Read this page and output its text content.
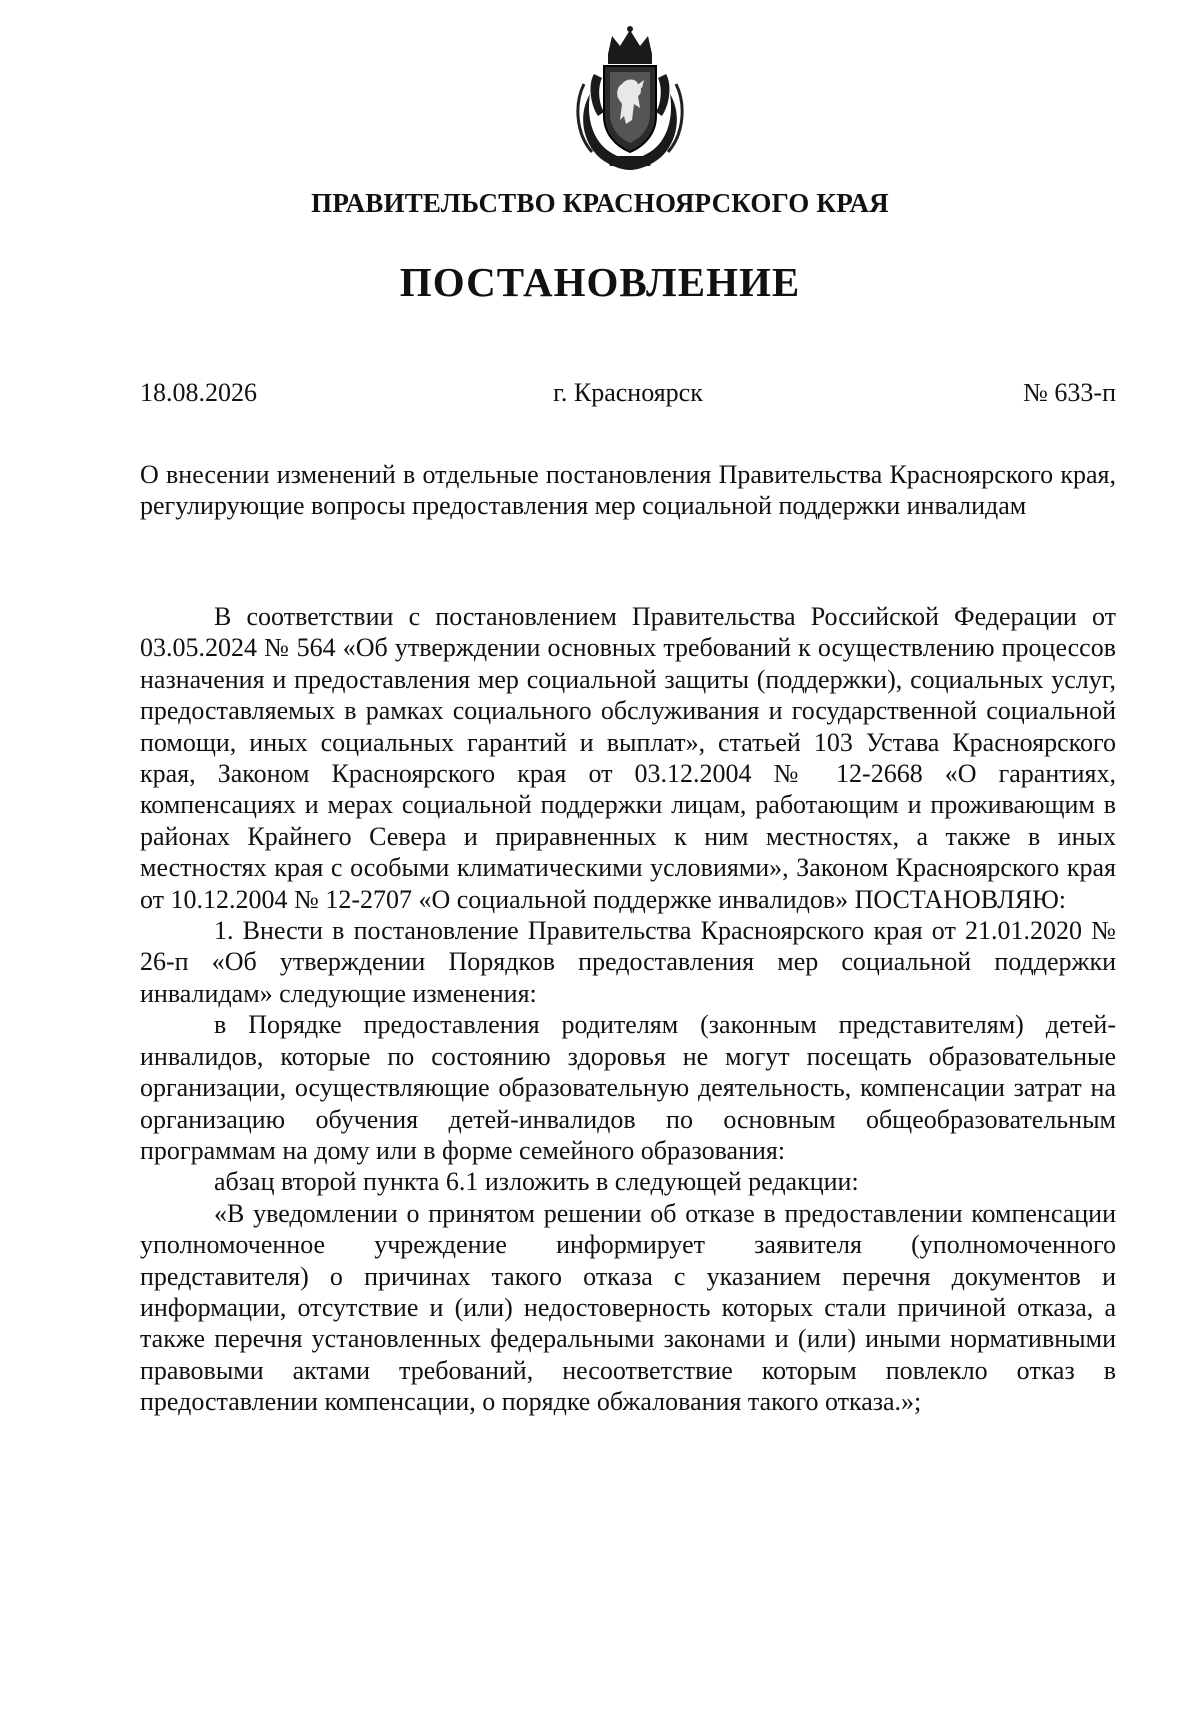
ПРАВИТЕЛЬСТВО КРАСНОЯРСКОГО КРАЯ
ПОСТАНОВЛЕНИЕ
18.08.2026	г. Красноярск	№ 633-п

О внесении изменений в отдельные постановления Правительства Красноярского края, регулирующие вопросы предоставления мер социальной поддержки инвалидам

В соответствии с постановлением Правительства Российской Федерации от 03.05.2024 № 564 «Об утверждении основных требований к осуществлению процессов назначения и предоставления мер социальной защиты (поддержки), социальных услуг, предоставляемых в рамках социального обслуживания и государственной социальной помощи, иных социальных гарантий и выплат», статьей 103 Устава Красноярского края, Законом Красноярского края от 03.12.2004 № 12-2668 «О гарантиях, компенсациях и мерах социальной поддержки лицам, работающим и проживающим в районах Крайнего Севера и приравненных к ним местностях, а также в иных местностях края с особыми климатическими условиями», Законом Красноярского края от 10.12.2004 № 12-2707 «О социальной поддержке инвалидов» ПОСТАНОВЛЯЮ:

1. Внести в постановление Правительства Красноярского края от 21.01.2020 № 26-п «Об утверждении Порядков предоставления мер социальной поддержки инвалидам» следующие изменения:

в Порядке предоставления родителям (законным представителям) детей-инвалидов, которые по состоянию здоровья не могут посещать образовательные организации, осуществляющие образовательную деятельность, компенсации затрат на организацию обучения детей-инвалидов по основным общеобразовательным программам на дому или в форме семейного образования:

абзац второй пункта 6.1 изложить в следующей редакции:

«В уведомлении о принятом решении об отказе в предоставлении компенсации уполномоченное учреждение информирует заявителя (уполномоченного представителя) о причинах такого отказа с указанием перечня документов и информации, отсутствие и (или) недостоверность которых стали причиной отказа, а также перечня установленных федеральными законами и (или) иными нормативными правовыми актами требований, несоответствие которым повлекло отказ в предоставлении компенсации, о порядке обжалования такого отказа.»;
